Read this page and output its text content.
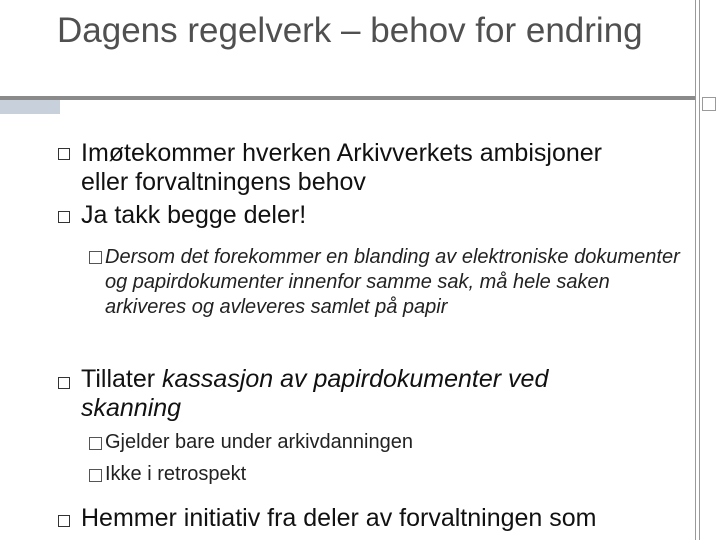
Dagens regelverk – behov for endring
Imøtekommer hverken Arkivverkets ambisjoner eller forvaltningens behov
Ja takk begge deler!
Dersom det forekommer en blanding av elektroniske dokumenter og papirdokumenter innenfor samme sak, må hele saken arkiveres og avleveres samlet på papir
Tillater kassasjon av papirdokumenter ved skanning
Gjelder bare under arkivdanningen
Ikke i retrospekt
Hemmer initiativ fra deler av forvaltningen som
